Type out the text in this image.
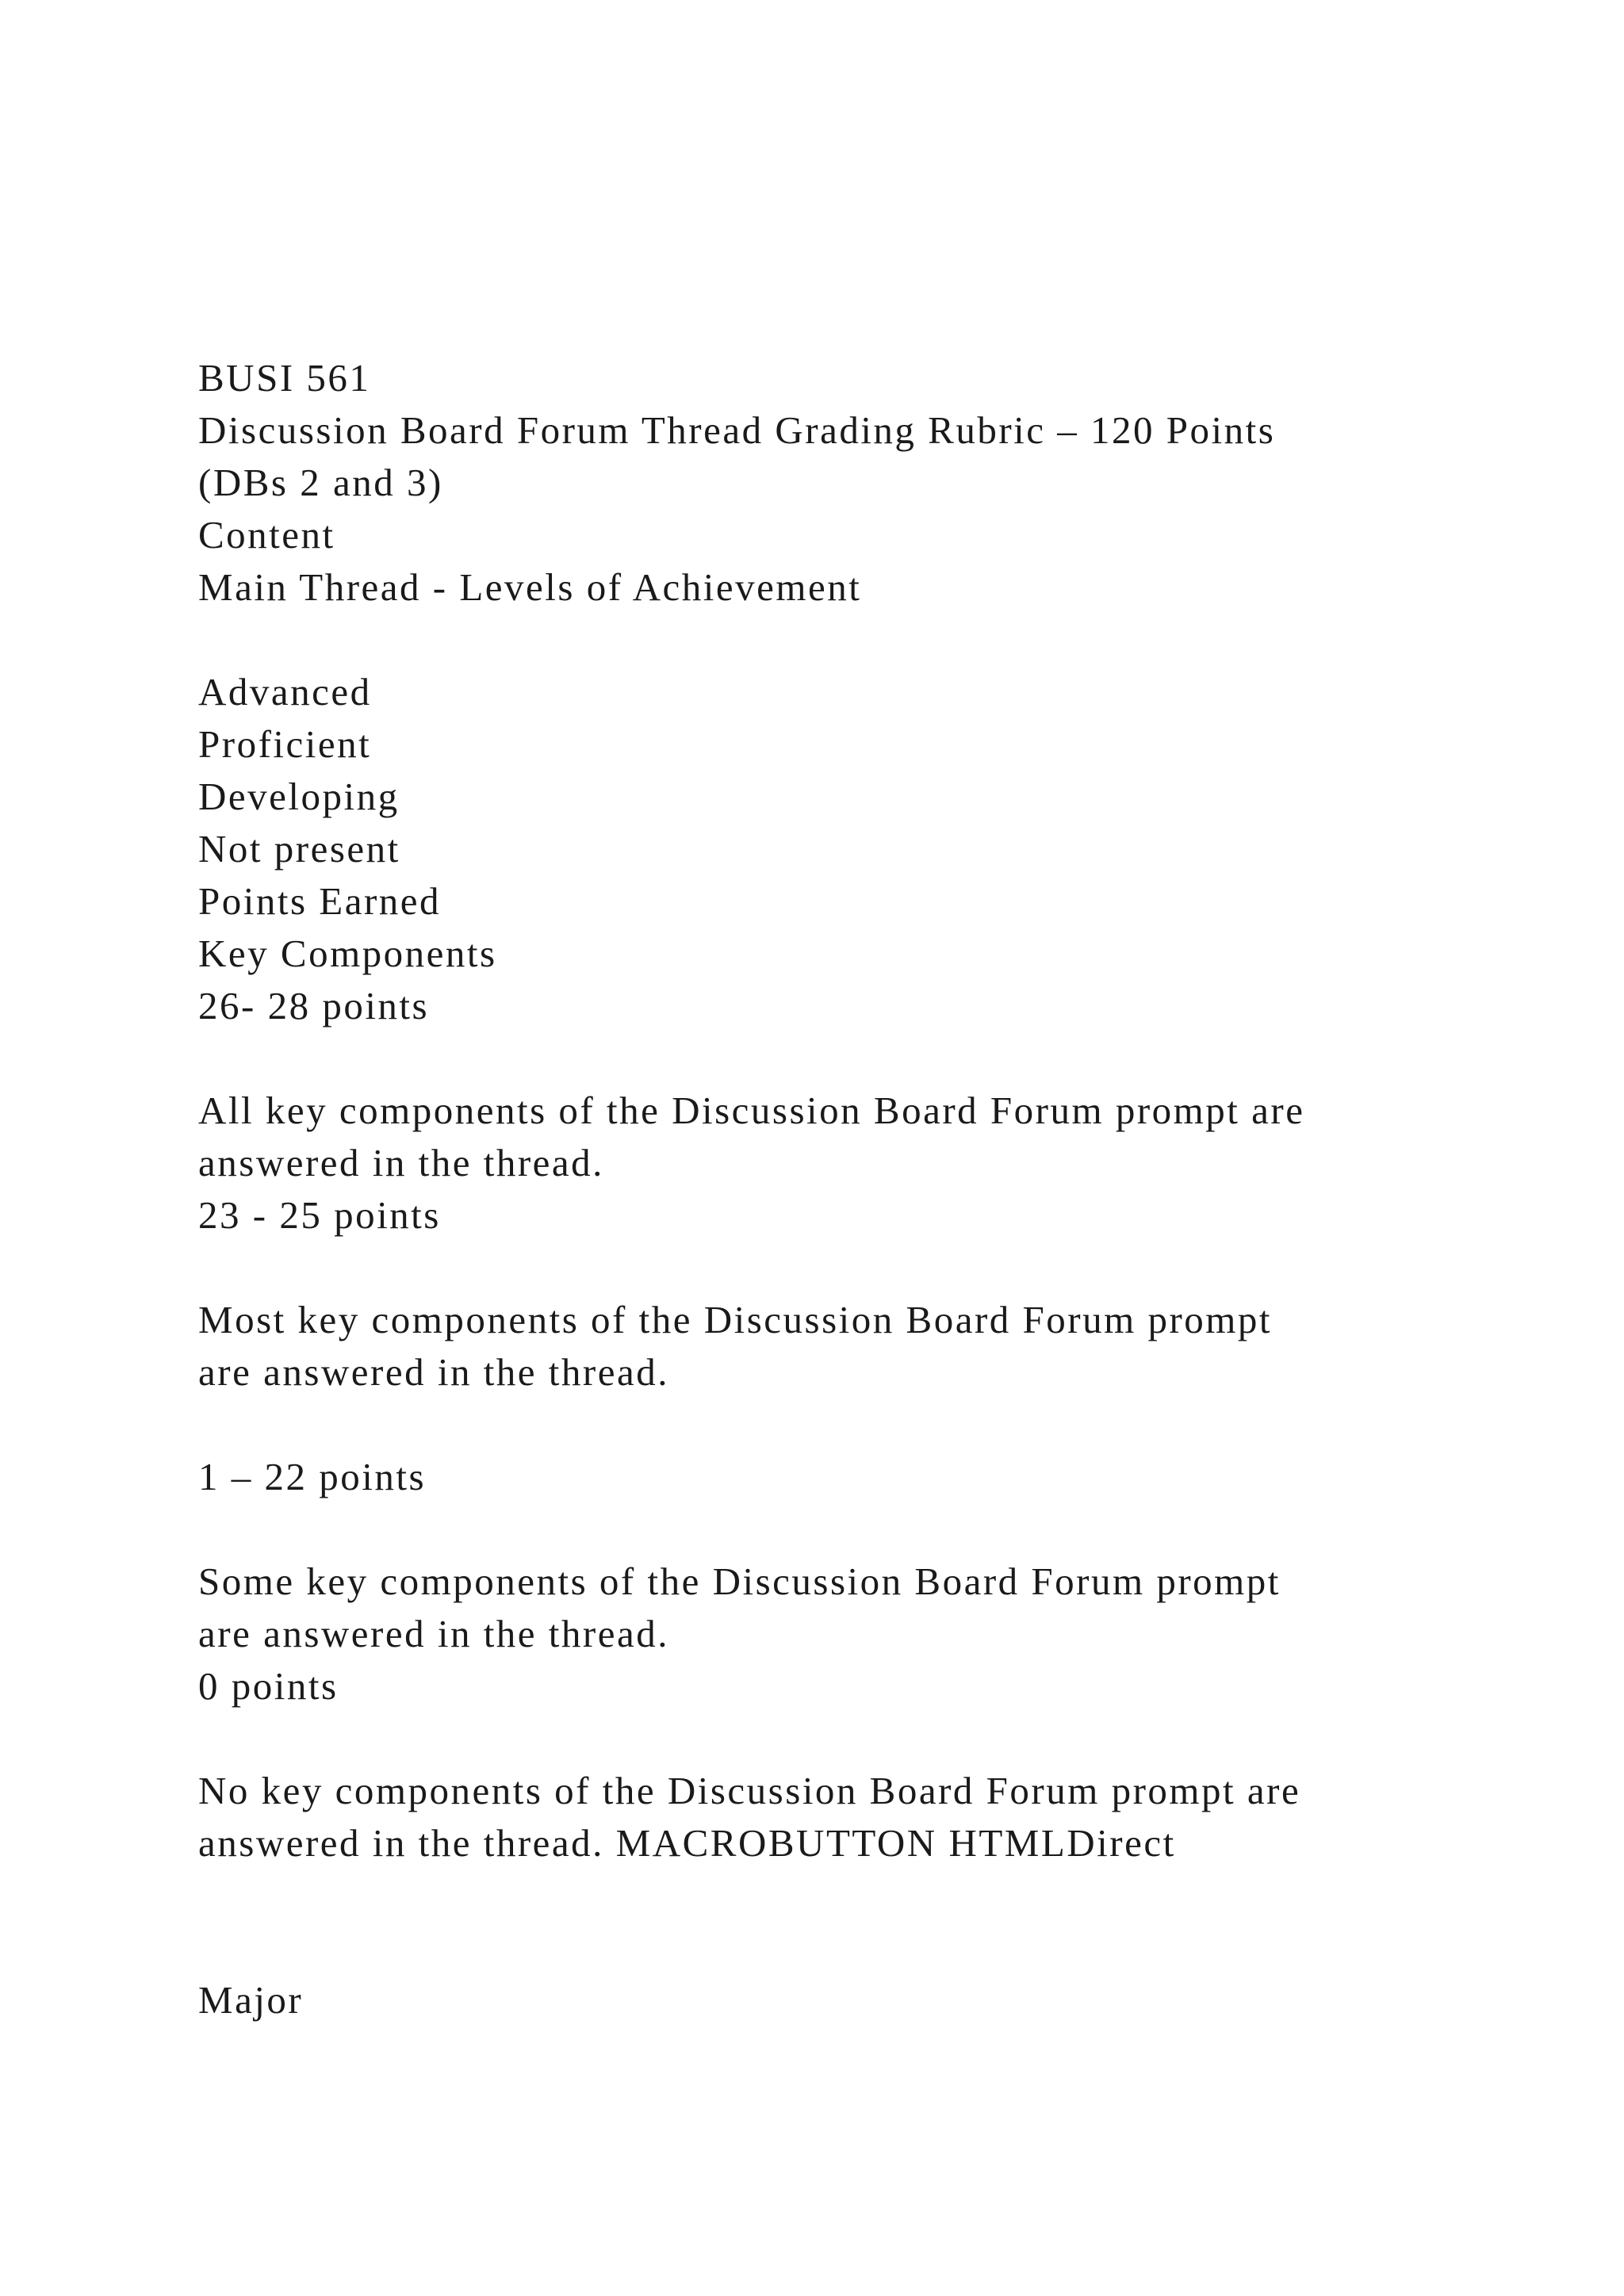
BUSI 561
Discussion Board Forum Thread Grading Rubric – 120 Points
(DBs 2 and 3)
Content
Main Thread - Levels of Achievement
Advanced
Proficient
Developing
Not present
Points Earned
Key Components
26- 28 points
All key components of the Discussion Board Forum prompt are
answered in the thread.
23 - 25 points
Most key components of the Discussion Board Forum prompt
are answered in the thread.
1 – 22 points
Some key components of the Discussion Board Forum prompt
are answered in the thread.
0 points
No key components of the Discussion Board Forum prompt are
answered in the thread. MACROBUTTON HTMLDirect
Major
